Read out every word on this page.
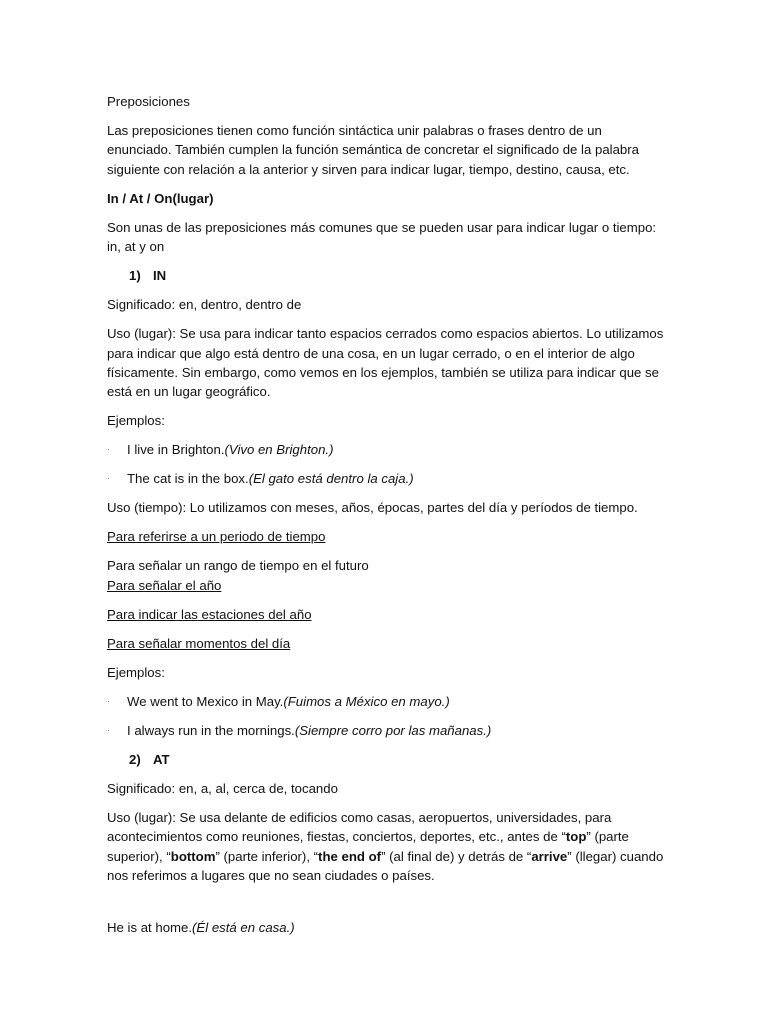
Preposiciones

Las preposiciones tienen como función sintáctica unir palabras o frases dentro de un enunciado. También cumplen la función semántica de concretar el significado de la palabra siguiente con relación a la anterior y sirven para indicar lugar, tiempo, destino, causa, etc.

In / At / On(lugar)

Son unas de las preposiciones más comunes que se pueden usar para indicar lugar o tiempo: in, at y on

1) IN

Significado: en, dentro, dentro de

Uso (lugar): Se usa para indicar tanto espacios cerrados como espacios abiertos. Lo utilizamos para indicar que algo está dentro de una cosa, en un lugar cerrado, o en el interior de algo físicamente. Sin embargo, como vemos en los ejemplos, también se utiliza para indicar que se está en un lugar geográfico.

Ejemplos:

· I live in Brighton.(Vivo en Brighton.)

· The cat is in the box.(El gato está dentro la caja.)

Uso (tiempo): Lo utilizamos con meses, años, épocas, partes del día y períodos de tiempo.

Para referirse a un periodo de tiempo

Para señalar un rango de tiempo en el futuro

Para señalar el año

Para indicar las estaciones del año

Para señalar momentos del día

Ejemplos:

· We went to Mexico in May.(Fuimos a México en mayo.)

· I always run in the mornings.(Siempre corro por las mañanas.)

2) AT

Significado: en, a, al, cerca de, tocando

Uso (lugar): Se usa delante de edificios como casas, aeropuertos, universidades, para acontecimientos como reuniones, fiestas, conciertos, deportes, etc., antes de “top” (parte superior), “bottom” (parte inferior), “the end of” (al final de) y detrás de “arrive” (llegar) cuando nos referimos a lugares que no sean ciudades o países.

He is at home.(Él está en casa.)
